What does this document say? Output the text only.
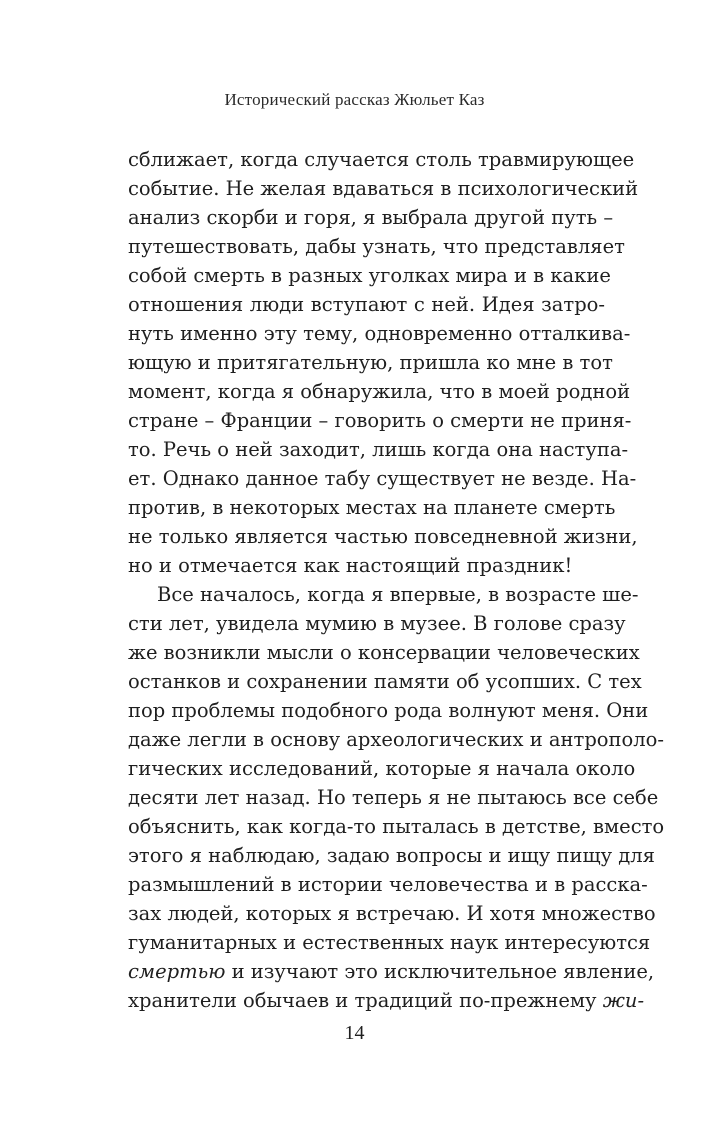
Исторический рассказ Жюльет Каз
сближает, когда случается столь травмирующее
событие. Не желая вдаваться в психологический
анализ скорби и горя, я выбрала другой путь –
путешествовать, дабы узнать, что представляет
собой смерть в разных уголках мира и в какие
отношения люди вступают с ней. Идея затро-
нуть именно эту тему, одновременно отталкива-
ющую и притягательную, пришла ко мне в тот
момент, когда я обнаружила, что в моей родной
стране – Франции – говорить о смерти не приня-
то. Речь о ней заходит, лишь когда она наступа-
ет. Однако данное табу существует не везде. На-
против, в некоторых местах на планете смерть
не только является частью повседневной жизни,
но и отмечается как настоящий праздник!
Все началось, когда я впервые, в возрасте ше-
сти лет, увидела мумию в музее. В голове сразу
же возникли мысли о консервации человеческих
останков и сохранении памяти об усопших. С тех
пор проблемы подобного рода волнуют меня. Они
даже легли в основу археологических и антрополо-
гических исследований, которые я начала около
десяти лет назад. Но теперь я не пытаюсь все себе
объяснить, как когда-то пыталась в детстве, вместо
этого я наблюдаю, задаю вопросы и ищу пищу для
размышлений в истории человечества и в расска-
зах людей, которых я встречаю. И хотя множество
гуманитарных и естественных наук интересуются
смертью и изучают это исключительное явление,
хранители обычаев и традиций по-прежнему жи-
14
